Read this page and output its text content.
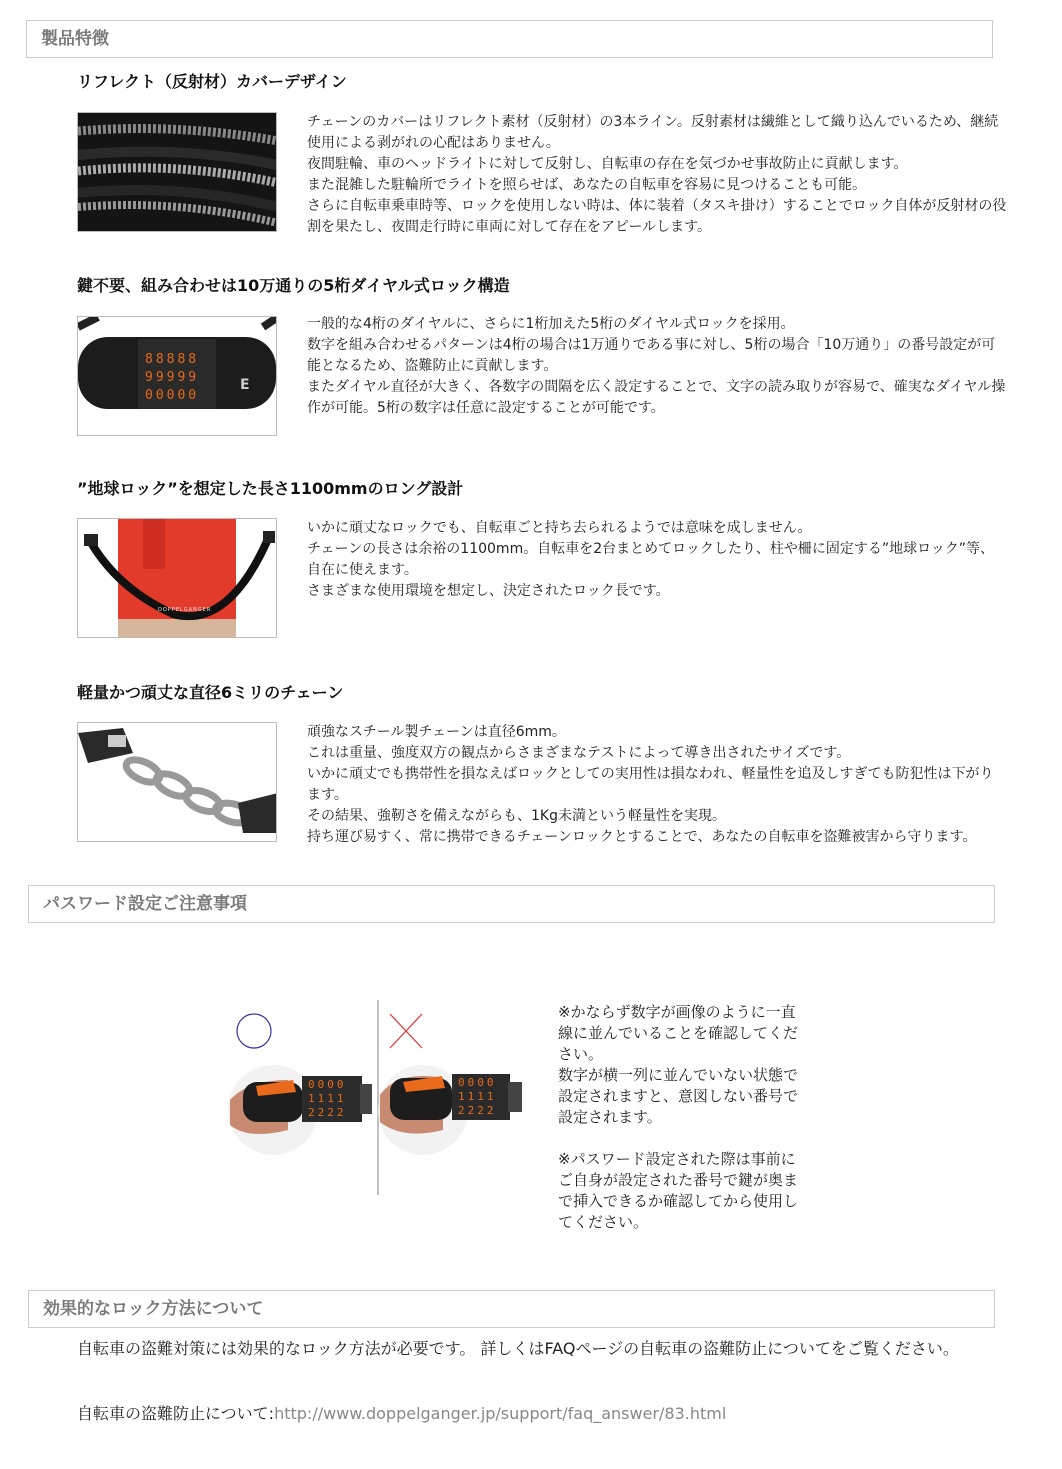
製品特徴
リフレクト（反射材）カバーデザイン

チェーンのカバーはリフレクト素材（反射材）の3本ライン。反射素材は繊維として織り込んでいるため、継続使用による剥がれの心配はありません。

夜間駐輪、車のヘッドライトに対して反射し、自転車の存在を気づかせ事故防止に貢献します。

また混雑した駐輪所でライトを照らせば、あなたの自転車を容易に見つけることも可能。

さらに自転車乗車時等、ロックを使用しない時は、体に装着（タスキ掛け）することでロック自体が反射材の役割を果たし、夜間走行時に車両に対して存在をアピールします。

鍵不要、組み合わせは10万通りの5桁ダイヤル式ロック構造
E
88888
99999
00000

一般的な4桁のダイヤルに、さらに1桁加えた5桁のダイヤル式ロックを採用。

数字を組み合わせるパターンは4桁の場合は1万通りである事に対し、5桁の場合「10万通り」の番号設定が可能となるため、盗難防止に貢献します。

またダイヤル直径が大きく、各数字の間隔を広く設定することで、文字の読み取りが容易で、確実なダイヤル操作が可能。5桁の数字は任意に設定することが可能です。

”地球ロック”を想定した長さ1100mmのロング設計
DOPPELGANGER

いかに頑丈なロックでも、自転車ごと持ち去られるようでは意味を成しません。

チェーンの長さは余裕の1100mm。自転車を2台まとめてロックしたり、柱や柵に固定する”地球ロック”等、自在に使えます。

さまざまな使用環境を想定し、決定されたロック長です。

軽量かつ頑丈な直径6ミリのチェーン

頑強なスチール製チェーンは直径6mm。

これは重量、強度双方の観点からさまざまなテストによって導き出されたサイズです。

いかに頑丈でも携帯性を損なえばロックとしての実用性は損なわれ、軽量性を追及しすぎても防犯性は下がります。

その結果、強靭さを備えながらも、1Kg未満という軽量性を実現。

持ち運び易すく、常に携帯できるチェーンロックとすることで、あなたの自転車を盗難被害から守ります。

パスワード設定ご注意事項
0000
1111
2222
0000
1111
2222

※かならず数字が画像のように一直線に並んでいることを確認してください。

数字が横一列に並んでいない状態で設定されますと、意図しない番号で設定されます。

※パスワード設定された際は事前にご自身が設定された番号で鍵が奥まで挿入できるか確認してから使用してください。

効果的なロック方法について
自転車の盗難対策には効果的なロック方法が必要です。 詳しくはFAQページの自転車の盗難防止についてをご覧ください。
自転車の盗難防止について:http://www.doppelganger.jp/support/faq_answer/83.html
